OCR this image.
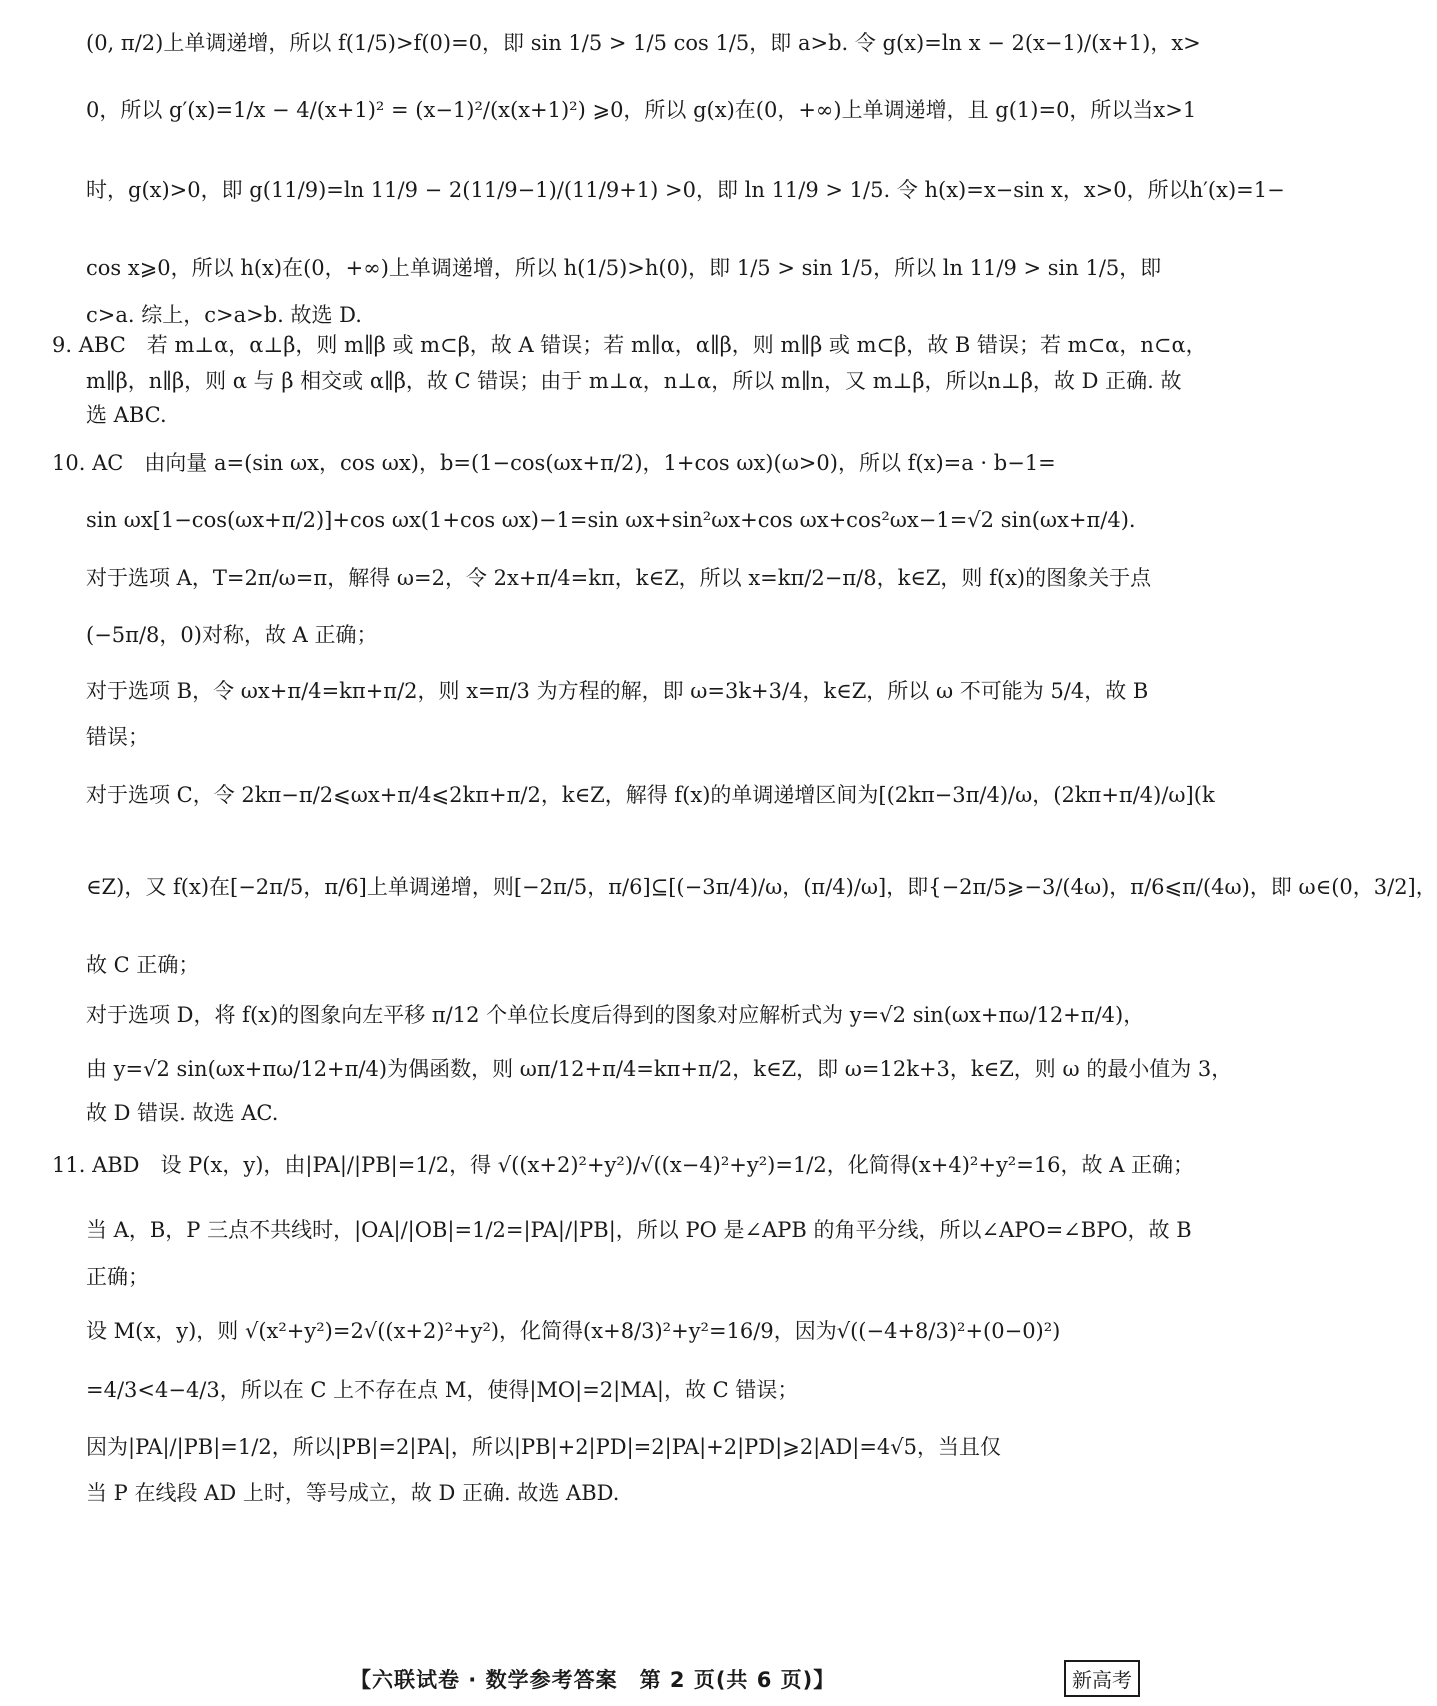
(0, π/2)上单调递增，所以 f(1/5)>f(0)=0，即 sin 1/5 > 1/5 cos 1/5，即 a>b. 令 g(x)=ln x − 2(x−1)/(x+1)，x>
0，所以 g′(x)=1/x − 4/(x+1)² = (x−1)²/(x(x+1)²) ⩾0，所以 g(x)在(0，+∞)上单调递增，且 g(1)=0，所以当x>1
时，g(x)>0，即 g(11/9)=ln 11/9 − 2(11/9−1)/(11/9+1) >0，即 ln 11/9 > 1/5. 令 h(x)=x−sin x，x>0，所以h′(x)=1−
cos x⩾0，所以 h(x)在(0，+∞)上单调递增，所以 h(1/5)>h(0)，即 1/5 > sin 1/5，所以 ln 11/9 > sin 1/5，即
c>a. 综上，c>a>b. 故选 D.
9. ABC　若 m⊥α，α⊥β，则 m∥β 或 m⊂β，故 A 错误；若 m∥α，α∥β，则 m∥β 或 m⊂β，故 B 错误；若 m⊂α，n⊂α，
m∥β，n∥β，则 α 与 β 相交或 α∥β，故 C 错误；由于 m⊥α，n⊥α，所以 m∥n，又 m⊥β，所以n⊥β，故 D 正确. 故
选 ABC.
10. AC　由向量 a=(sin ωx，cos ωx)，b=(1−cos(ωx+π/2)，1+cos ωx)(ω>0)，所以 f(x)=a · b−1=
sin ωx[1−cos(ωx+π/2)]+cos ωx(1+cos ωx)−1=sin ωx+sin²ωx+cos ωx+cos²ωx−1=√2 sin(ωx+π/4).
对于选项 A，T=2π/ω=π，解得 ω=2，令 2x+π/4=kπ，k∈Z，所以 x=kπ/2−π/8，k∈Z，则 f(x)的图象关于点
(−5π/8，0)对称，故 A 正确；
对于选项 B，令 ωx+π/4=kπ+π/2，则 x=π/3 为方程的解，即 ω=3k+3/4，k∈Z，所以 ω 不可能为 5/4，故 B
错误；
对于选项 C，令 2kπ−π/2⩽ωx+π/4⩽2kπ+π/2，k∈Z，解得 f(x)的单调递增区间为[(2kπ−3π/4)/ω，(2kπ+π/4)/ω](k
∈Z)，又 f(x)在[−2π/5，π/6]上单调递增，则[−2π/5，π/6]⊆[(−3π/4)/ω，(π/4)/ω]，即{−2π/5⩾−3/(4ω)，π/6⩽π/(4ω)，即 ω∈(0，3/2]，
故 C 正确；
对于选项 D，将 f(x)的图象向左平移 π/12 个单位长度后得到的图象对应解析式为 y=√2 sin(ωx+πω/12+π/4)，
由 y=√2 sin(ωx+πω/12+π/4)为偶函数，则 ωπ/12+π/4=kπ+π/2，k∈Z，即 ω=12k+3，k∈Z，则 ω 的最小值为 3，
故 D 错误. 故选 AC.
11. ABD　设 P(x，y)，由|PA|/|PB|=1/2，得 √((x+2)²+y²)/√((x−4)²+y²)=1/2，化简得(x+4)²+y²=16，故 A 正确；
当 A，B，P 三点不共线时，|OA|/|OB|=1/2=|PA|/|PB|，所以 PO 是∠APB 的角平分线，所以∠APO=∠BPO，故 B
正确；
设 M(x，y)，则 √(x²+y²)=2√((x+2)²+y²)，化简得(x+8/3)²+y²=16/9，因为√((−4+8/3)²+(0−0)²)
=4/3<4−4/3，所以在 C 上不存在点 M，使得|MO|=2|MA|，故 C 错误；
因为|PA|/|PB|=1/2，所以|PB|=2|PA|，所以|PB|+2|PD|=2|PA|+2|PD|⩾2|AD|=4√5，当且仅
当 P 在线段 AD 上时，等号成立，故 D 正确. 故选 ABD.
【六联试卷 · 数学参考答案　第 2 页(共 6 页)】	新高考
